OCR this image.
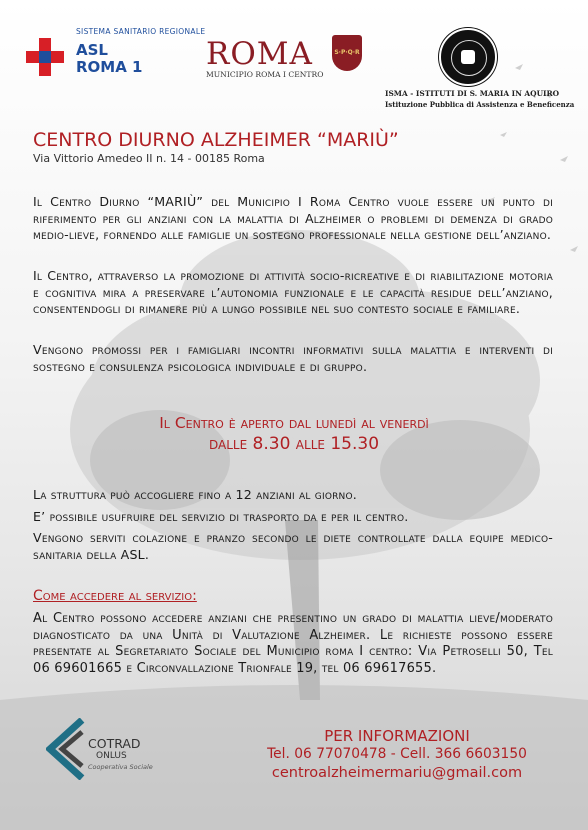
SISTEMA SANITARIO REGIONALE
ASL
ROMA 1 ROMA
MUNICIPIO ROMA I CENTRO
S·P·Q·R
ISMA - ISTITUTI DI S. MARIA IN AQUIRO
Istituzione Pubblica di Assistenza e Beneficenza
CENTRO DIURNO ALZHEIMER “MARIÙ”
Via Vittorio Amedeo II n. 14 - 00185 Roma
Il Centro Diurno “MARIÙ” del Municipio I Roma Centro vuole essere un punto di riferimento per gli anziani con la malattia di Alzheimer o problemi di demenza di grado medio-lieve, fornendo alle famiglie un sostegno professionale nella gestione dell’anziano.
Il Centro, attraverso la promozione di attività socio-ricreative e di riabilitazione motoria e cognitiva mira a preservare l’autonomia funzionale e le capacità residue dell’anziano, consentendogli di rimanere più a lungo possibile nel suo contesto sociale e familiare.
Vengono promossi per i famigliari incontri informativi sulla malattia e interventi di sostegno e consulenza psicologica individuale e di gruppo.
Il Centro è aperto dal lunedì al venerdì
dalle 8.30 alle 15.30
La struttura può accogliere fino a 12 anziani al giorno.
E’ possibile usufruire del servizio di trasporto da e per il centro.
Vengono serviti colazione e pranzo secondo le diete controllate dalla equipe medico-sanitaria della ASL.
Come accedere al servizio:
Al Centro possono accedere anziani che presentino un grado di malattia lieve/moderato diagnosticato da una Unità di Valutazione Alzheimer. Le richieste possono essere presentate al Segretariato Sociale del Municipio roma I centro: Via Petroselli 50, Tel 06 69601665 e Circonvallazione Trionfale 19, tel 06 69617655.
COTRAD
ONLUS
Cooperativa Sociale
PER INFORMAZIONI
Tel. 06 77070478 - Cell. 366 6603150
centroalzheimermariu@gmail.com
